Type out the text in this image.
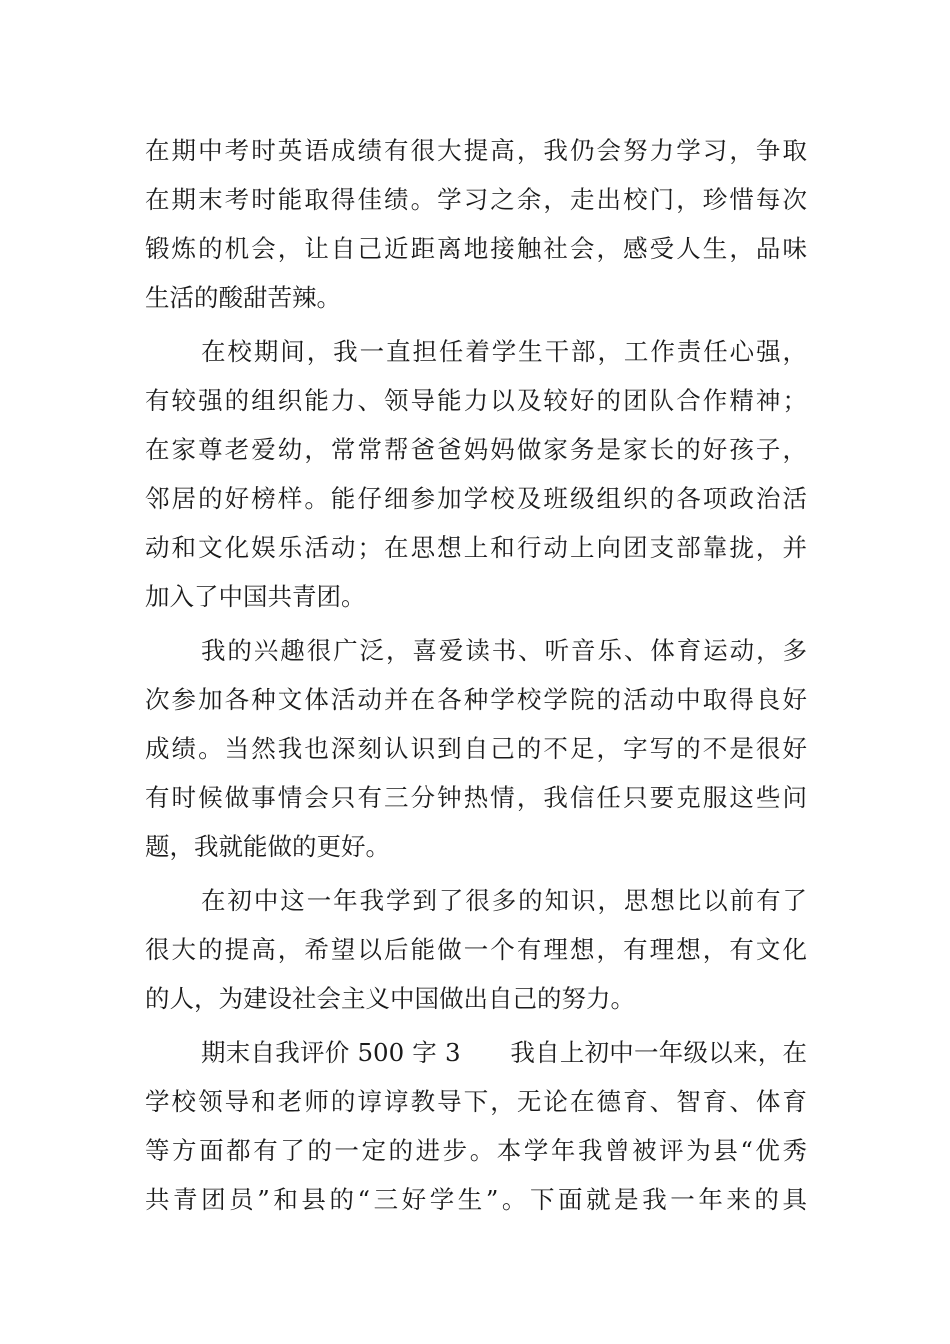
在期中考时英语成绩有很大提高，我仍会努力学习，争取
在期末考时能取得佳绩。学习之余，走出校门，珍惜每次
锻炼的机会，让自己近距离地接触社会，感受人生，品味
生活的酸甜苦辣。
在校期间，我一直担任着学生干部，工作责任心强，
有较强的组织能力、领导能力以及较好的团队合作精神；
在家尊老爱幼，常常帮爸爸妈妈做家务是家长的好孩子，
邻居的好榜样。能仔细参加学校及班级组织的各项政治活
动和文化娱乐活动；在思想上和行动上向团支部靠拢，并
加入了中国共青团。
我的兴趣很广泛，喜爱读书、听音乐、体育运动，多
次参加各种文体活动并在各种学校学院的活动中取得良好
成绩。当然我也深刻认识到自己的不足，字写的不是很好
有时候做事情会只有三分钟热情，我信任只要克服这些问
题，我就能做的更好。
在初中这一年我学到了很多的知识，思想比以前有了
很大的提高，希望以后能做一个有理想，有理想，有文化
的人，为建设社会主义中国做出自己的努力。
期末自我评价 500 字 3　　我自上初中一年级以来，在
学校领导和老师的谆谆教导下，无论在德育、智育、体育
等方面都有了的一定的进步。本学年我曾被评为县“优秀
共青团员”和县的“三好学生”。下面就是我一年来的具
